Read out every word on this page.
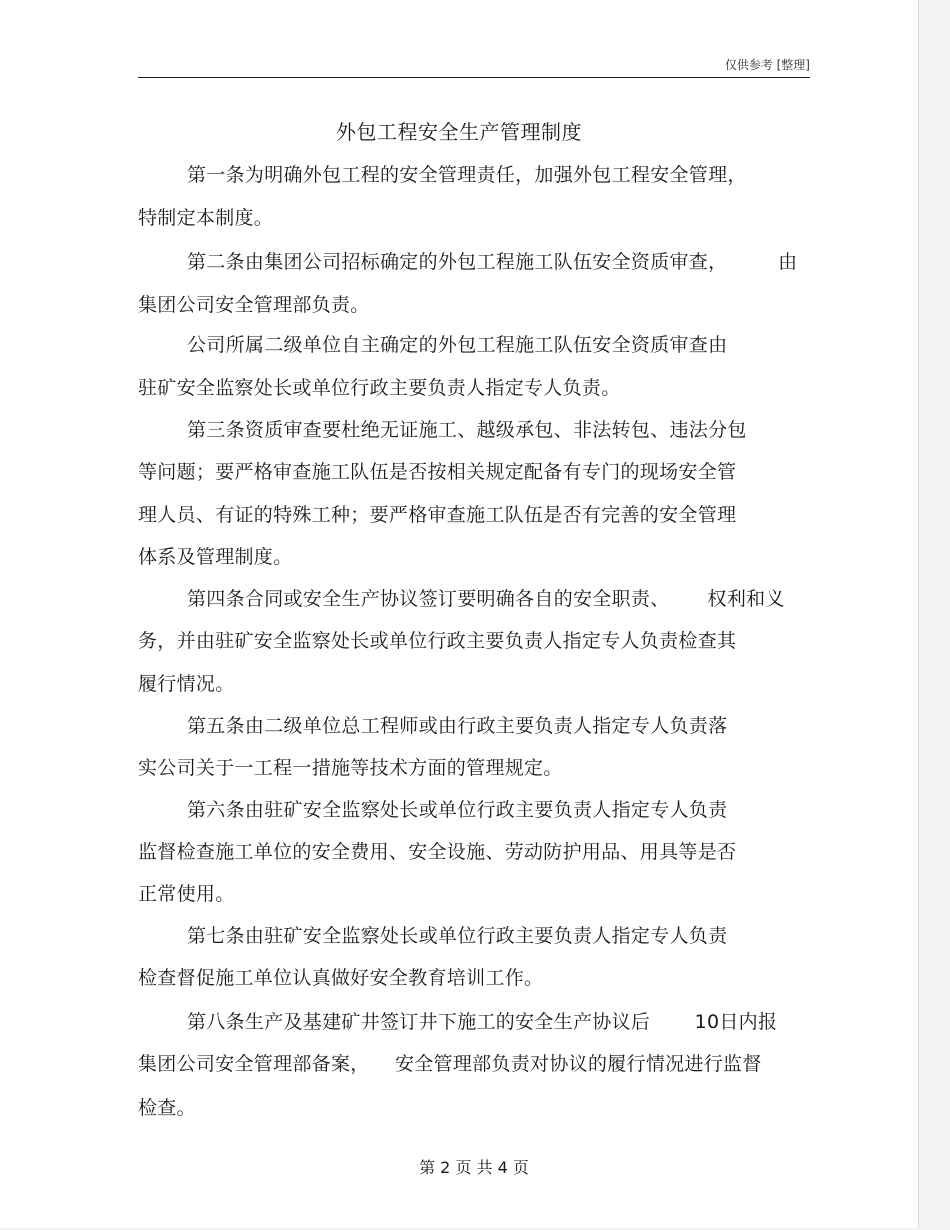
仅供参考 [整理]
外包工程安全生产管理制度
第一条为明确外包工程的安全管理责任，加强外包工程安全管理，
特制定本制度。
第二条由集团公司招标确定的外包工程施工队伍安全资质审查，        由
集团公司安全管理部负责。
公司所属二级单位自主确定的外包工程施工队伍安全资质审查由
驻矿安全监察处长或单位行政主要负责人指定专人负责。
第三条资质审查要杜绝无证施工、越级承包、非法转包、违法分包
等问题；要严格审查施工队伍是否按相关规定配备有专门的现场安全管
理人员、有证的特殊工种；要严格审查施工队伍是否有完善的安全管理
体系及管理制度。
第四条合同或安全生产协议签订要明确各自的安全职责、      权利和义
务，并由驻矿安全监察处长或单位行政主要负责人指定专人负责检查其
履行情况。
第五条由二级单位总工程师或由行政主要负责人指定专人负责落
实公司关于一工程一措施等技术方面的管理规定。
第六条由驻矿安全监察处长或单位行政主要负责人指定专人负责
监督检查施工单位的安全费用、安全设施、劳动防护用品、用具等是否
正常使用。
第七条由驻矿安全监察处长或单位行政主要负责人指定专人负责
检查督促施工单位认真做好安全教育培训工作。
第八条生产及基建矿井签订井下施工的安全生产协议后       10日内报
集团公司安全管理部备案，    安全管理部负责对协议的履行情况进行监督
检查。
第 2 页 共 4 页
